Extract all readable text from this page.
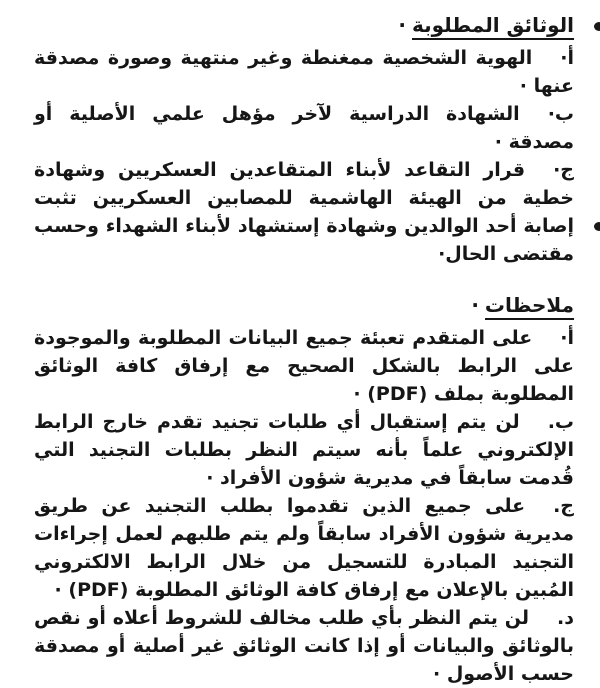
الوثائق المطلوبة·

أ·الهوية الشخصية ممغنطة وغير منتهية وصورة مصدقة عنها ·

ب·الشهادة الدراسية لآخر مؤهل علمي الأصلية أو مصدقة ·

ج·قرار التقاعد لأبناء المتقاعدين العسكريين وشهادة خطية من الهيئة الهاشمية للمصابين العسكريين تثبت إصابة أحد الوالدين وشهادة إستشهاد لأبناء الشهداء وحسب مقتضى الحال·

ملاحظات·

أ·على المتقدم تعبئة جميع البيانات المطلوبة والموجودة على الرابط بالشكل الصحيح مع إرفاق كافة الوثائق المطلوبة بملف (PDF) ·

ب.لن يتم إستقبال أي طلبات تجنيد تقدم خارج الرابط الإلكتروني علماً بأنه سيتم النظر بطلبات التجنيد التي قُدمت سابقاً في مديرية شؤون الأفراد ·

ج.على جميع الذين تقدموا بطلب التجنيد عن طريق مديرية شؤون الأفراد سابقاً ولم يتم طلبهم لعمل إجراءات التجنيد المبادرة للتسجيل من خلال الرابط الالكتروني المُبين بالإعلان مع إرفاق كافة الوثائق المطلوبة (PDF) ·

د.لن يتم النظر بأي طلب مخالف للشروط أعلاه أو نقص بالوثائق والبيانات أو إذا كانت الوثائق غير أصلية أو مصدقة حسب الأصول ·
